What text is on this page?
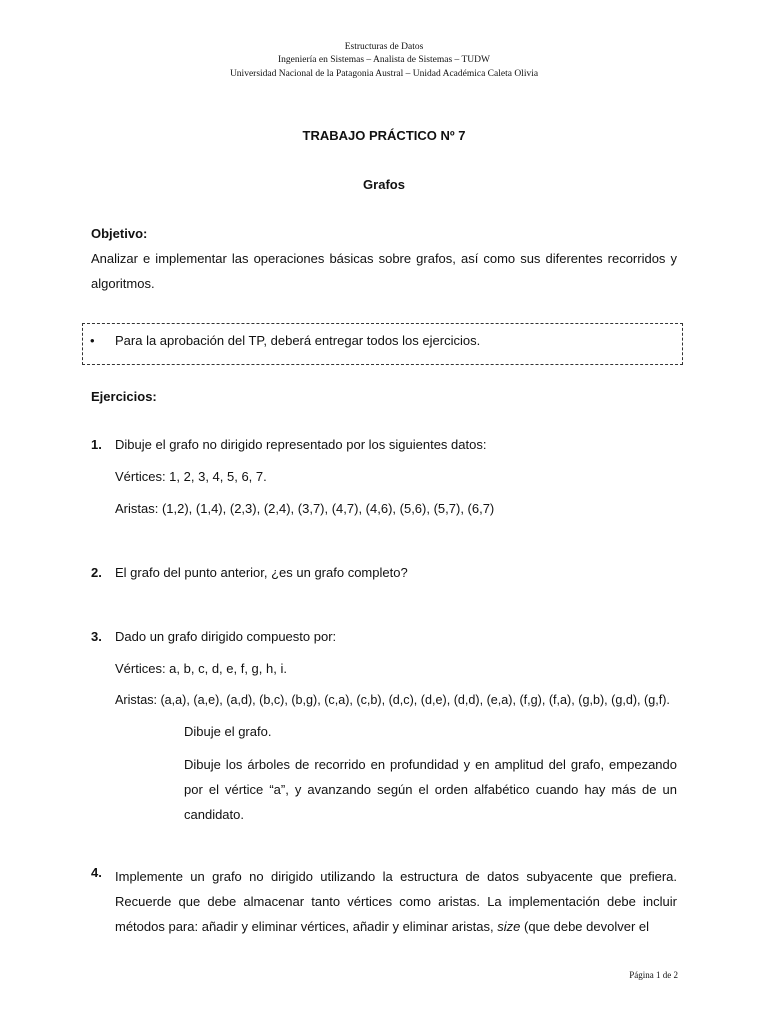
Estructuras de Datos
Ingeniería en Sistemas – Analista de Sistemas – TUDW
Universidad Nacional de la Patagonia Austral – Unidad Académica Caleta Olivia
TRABAJO PRÁCTICO Nº 7
Grafos
Objetivo:
Analizar e implementar las operaciones básicas sobre grafos, así como sus diferentes recorridos y algoritmos.
• Para la aprobación del TP, deberá entregar todos los ejercicios.
Ejercicios:
1. Dibuje el grafo no dirigido representado por los siguientes datos:
Vértices: 1, 2, 3, 4, 5, 6, 7.
Aristas: (1,2), (1,4), (2,3), (2,4), (3,7), (4,7), (4,6), (5,6), (5,7), (6,7)
2. El grafo del punto anterior, ¿es un grafo completo?
3. Dado un grafo dirigido compuesto por:
Vértices: a, b, c, d, e, f, g, h, i.
Aristas: (a,a), (a,e), (a,d), (b,c), (b,g), (c,a), (c,b), (d,c), (d,e), (d,d), (e,a), (f,g), (f,a), (g,b), (g,d), (g,f).
Dibuje el grafo.
Dibuje los árboles de recorrido en profundidad y en amplitud del grafo, empezando por el vértice “a”, y avanzando según el orden alfabético cuando hay más de un candidato.
4. Implemente un grafo no dirigido utilizando la estructura de datos subyacente que prefiera. Recuerde que debe almacenar tanto vértices como aristas. La implementación debe incluir métodos para: añadir y eliminar vértices, añadir y eliminar aristas, size (que debe devolver el
Página 1 de 2
